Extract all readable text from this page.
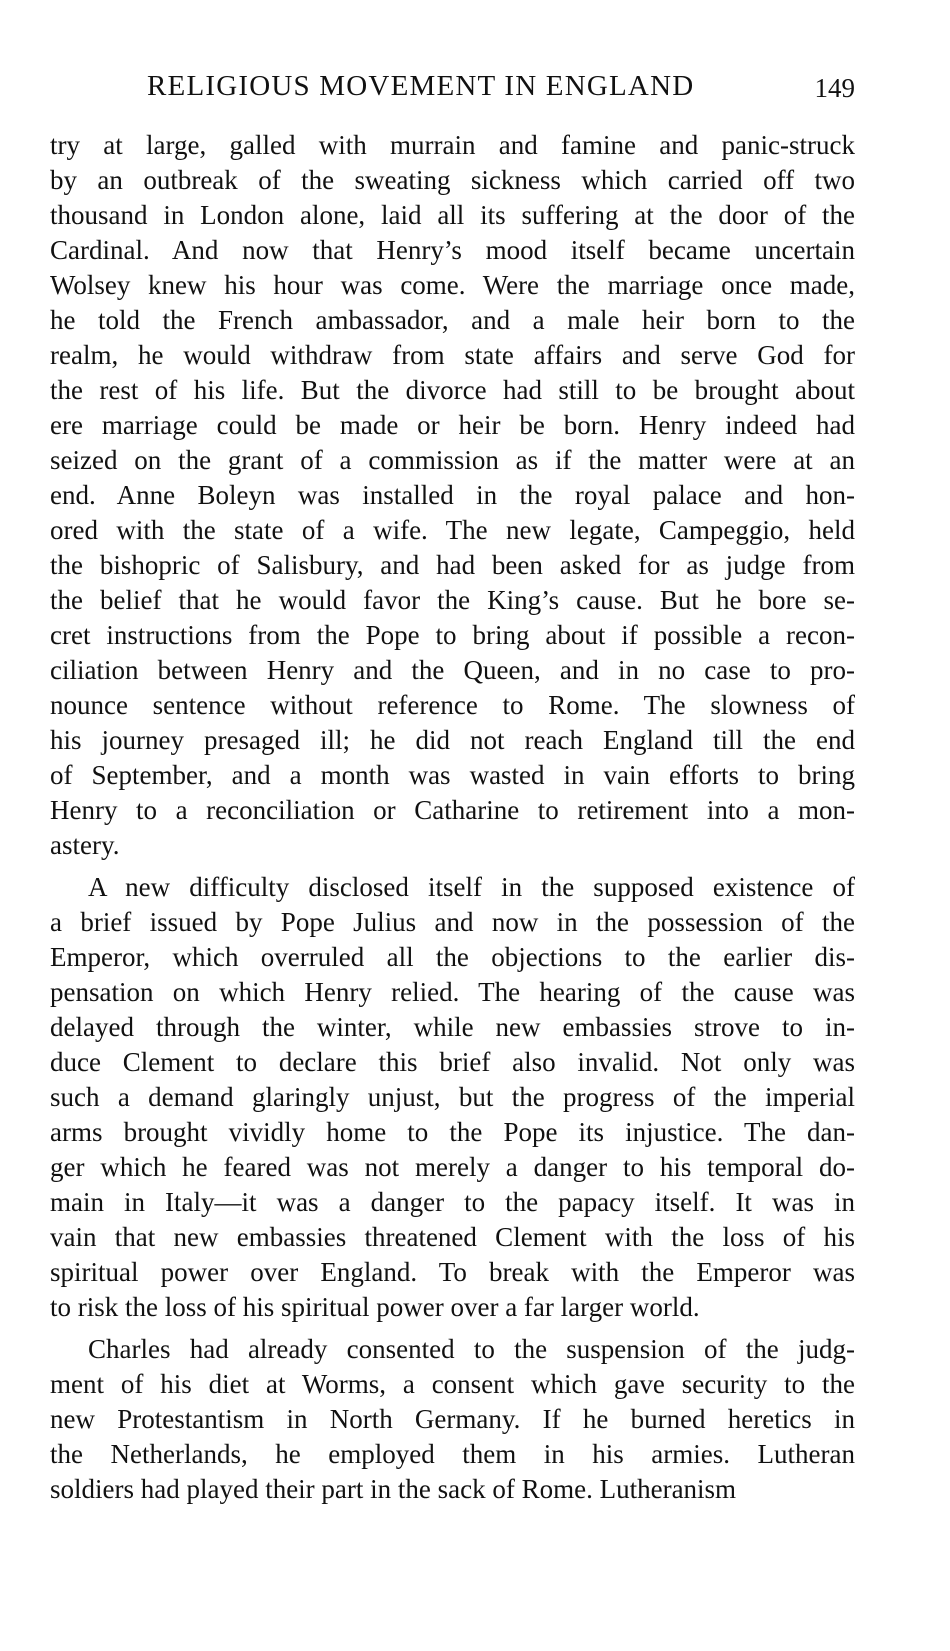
RELIGIOUS MOVEMENT IN ENGLAND	149
try at large, galled with murrain and famine and panic-struck
by an outbreak of the sweating sickness which carried off two
thousand in London alone, laid all its suffering at the door of the
Cardinal. And now that Henry’s mood itself became uncertain
Wolsey knew his hour was come. Were the marriage once made,
he told the French ambassador, and a male heir born to the
realm, he would withdraw from state affairs and serve God for
the rest of his life. But the divorce had still to be brought about
ere marriage could be made or heir be born. Henry indeed had
seized on the grant of a commission as if the matter were at an
end. Anne Boleyn was installed in the royal palace and hon-
ored with the state of a wife. The new legate, Campeggio, held
the bishopric of Salisbury, and had been asked for as judge from
the belief that he would favor the King’s cause. But he bore se-
cret instructions from the Pope to bring about if possible a recon-
ciliation between Henry and the Queen, and in no case to pro-
nounce sentence without reference to Rome. The slowness of
his journey presaged ill; he did not reach England till the end
of September, and a month was wasted in vain efforts to bring
Henry to a reconciliation or Catharine to retirement into a mon-
astery.
A new difficulty disclosed itself in the supposed existence of
a brief issued by Pope Julius and now in the possession of the
Emperor, which overruled all the objections to the earlier dis-
pensation on which Henry relied. The hearing of the cause was
delayed through the winter, while new embassies strove to in-
duce Clement to declare this brief also invalid. Not only was
such a demand glaringly unjust, but the progress of the imperial
arms brought vividly home to the Pope its injustice. The dan-
ger which he feared was not merely a danger to his temporal do-
main in Italy—it was a danger to the papacy itself. It was in
vain that new embassies threatened Clement with the loss of his
spiritual power over England. To break with the Emperor was
to risk the loss of his spiritual power over a far larger world.
Charles had already consented to the suspension of the judg-
ment of his diet at Worms, a consent which gave security to the
new Protestantism in North Germany. If he burned heretics in
the Netherlands, he employed them in his armies. Lutheran
soldiers had played their part in the sack of Rome. Lutheranism
